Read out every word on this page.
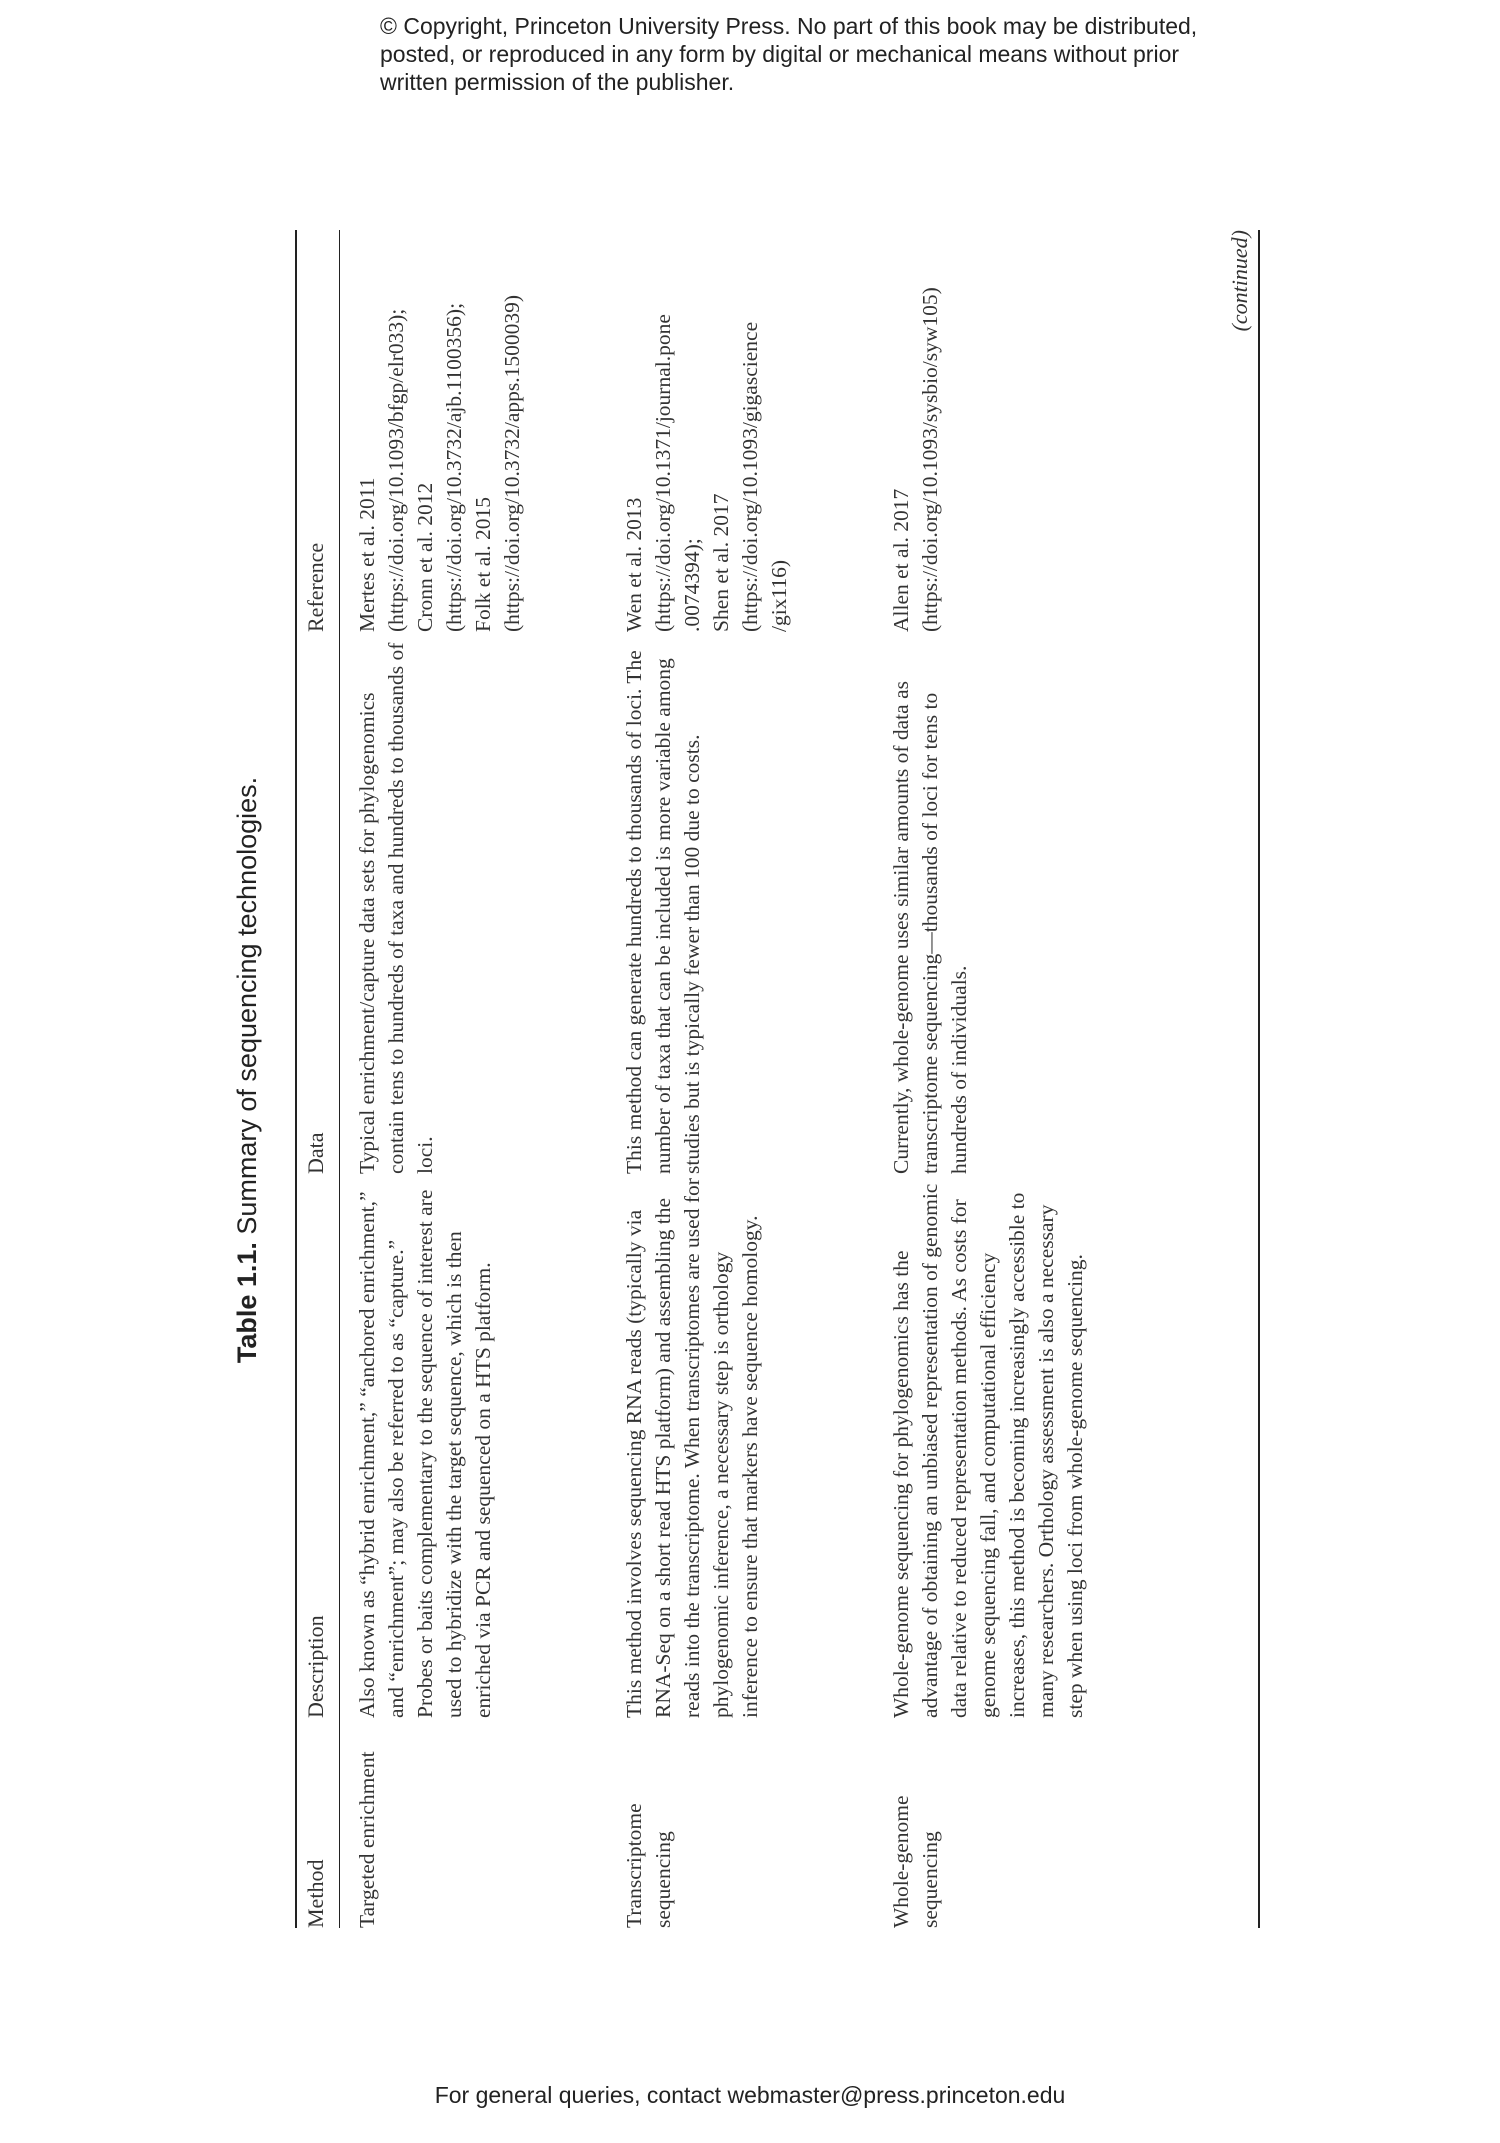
© Copyright, Princeton University Press. No part of this book may be distributed, posted, or reproduced in any form by digital or mechanical means without prior written permission of the publisher.
Table 1.1. Summary of sequencing technologies.
Method
Description
Data
Reference
Targeted enrichment
Also known as “hybrid enrichment,” “anchored enrichment,” and “enrichment”; may also be referred to as “capture.” Probes or baits complementary to the sequence of interest are used to hybridize with the target sequence, which is then enriched via PCR and sequenced on a HTS platform.
Typical enrichment/capture data sets for phylogenomics contain tens to hundreds of taxa and hundreds to thousands of loci.

Mertes et al. 2011 (https://doi.org/10.1093/bfgp/elr033); Cronn et al. 2012 (https://doi.org/10.3732/ajb.1100356); Folk et al. 2015 (https://doi.org/10.3732/apps.1500039)

Transcriptome sequencing
This method involves sequencing RNA reads (typically via RNA-Seq on a short read HTS platform) and assembling the reads into the transcriptome. When transcriptomes are used for phylogenomic inference, a necessary step is orthology inference to ensure that markers have sequence homology.
This method can generate hundreds to thousands of loci. The number of taxa that can be included is more variable among studies but is typically fewer than 100 due to costs.

Wen et al. 2013 (https://doi.org/10.1371/journal.pone .0074394); Shen et al. 2017 (https://doi.org/10.1093/gigascience /gix116)

Whole-genome sequencing
Whole-genome sequencing for phylogenomics has the advantage of obtaining an unbiased representation of genomic data relative to reduced representation methods. As costs for genome sequencing fall, and computational efficiency increases, this method is becoming increasingly accessible to many researchers. Orthology assessment is also a necessary step when using loci from whole-genome sequencing.
Currently, whole-genome uses similar amounts of data as transcriptome sequencing—thousands of loci for tens to hundreds of individuals.

Allen et al. 2017 (https://doi.org/10.1093/sysbio/syw105)

(continued)
For general queries, contact webmaster@press.princeton.edu
